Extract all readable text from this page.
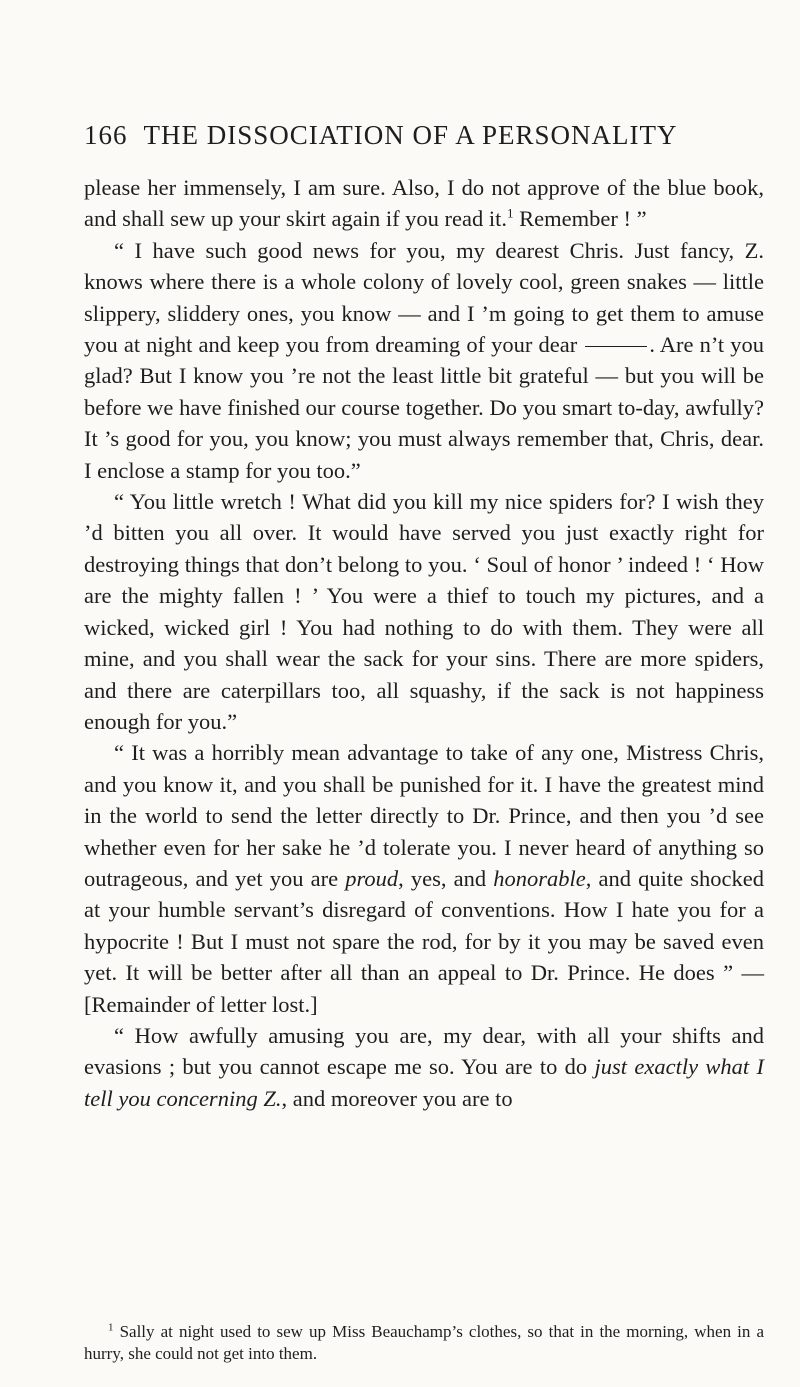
166 THE DISSOCIATION OF A PERSONALITY

please her immensely, I am sure. Also, I do not approve of the blue book, and shall sew up your skirt again if you read it.$^1$ Remember ! ”

“ I have such good news for you, my dearest Chris. Just fancy, Z. knows where there is a whole colony of lovely cool, green snakes — little slippery, sliddery ones, you know — and I ’m going to get them to amuse you at night and keep you from dreaming of your dear	. Are n’t you glad? But I know you ’re not the least little bit grateful — but you will be before we have finished our course together. Do you smart to-day, awfully? It ’s good for you, you know; you must always remember that, Chris, dear. I enclose a stamp for you too.”

“ You little wretch ! What did you kill my nice spiders for? I wish they ’d bitten you all over. It would have served you just exactly right for destroying things that don’t belong to you. ‘ Soul of honor ’ indeed ! ‘ How are the mighty fallen ! ’ You were a thief to touch my pictures, and a wicked, wicked girl ! You had nothing to do with them. They were all mine, and you shall wear the sack for your sins. There are more spiders, and there are caterpillars too, all squashy, if the sack is not happiness enough for you.”

“ It was a horribly mean advantage to take of any one, Mistress Chris, and you know it, and you shall be punished for it. I have the greatest mind in the world to send the letter directly to Dr. Prince, and then you ’d see whether even for her sake he ’d tolerate you. I never heard of anything so outrageous, and yet you are proud, yes, and honorable, and quite shocked at your humble servant’s disregard of conventions. How I hate you for a hypocrite ! But I must not spare the rod, for by it you may be saved even yet. It will be better after all than an appeal to Dr. Prince. He does ” — [Remainder of letter lost.]

“ How awfully amusing you are, my dear, with all your shifts and evasions ; but you cannot escape me so. You are to do just exactly what I tell you concerning Z., and moreover you are to

$^1$ Sally at night used to sew up Miss Beauchamp’s clothes, so that in the morning, when in a hurry, she could not get into them.
